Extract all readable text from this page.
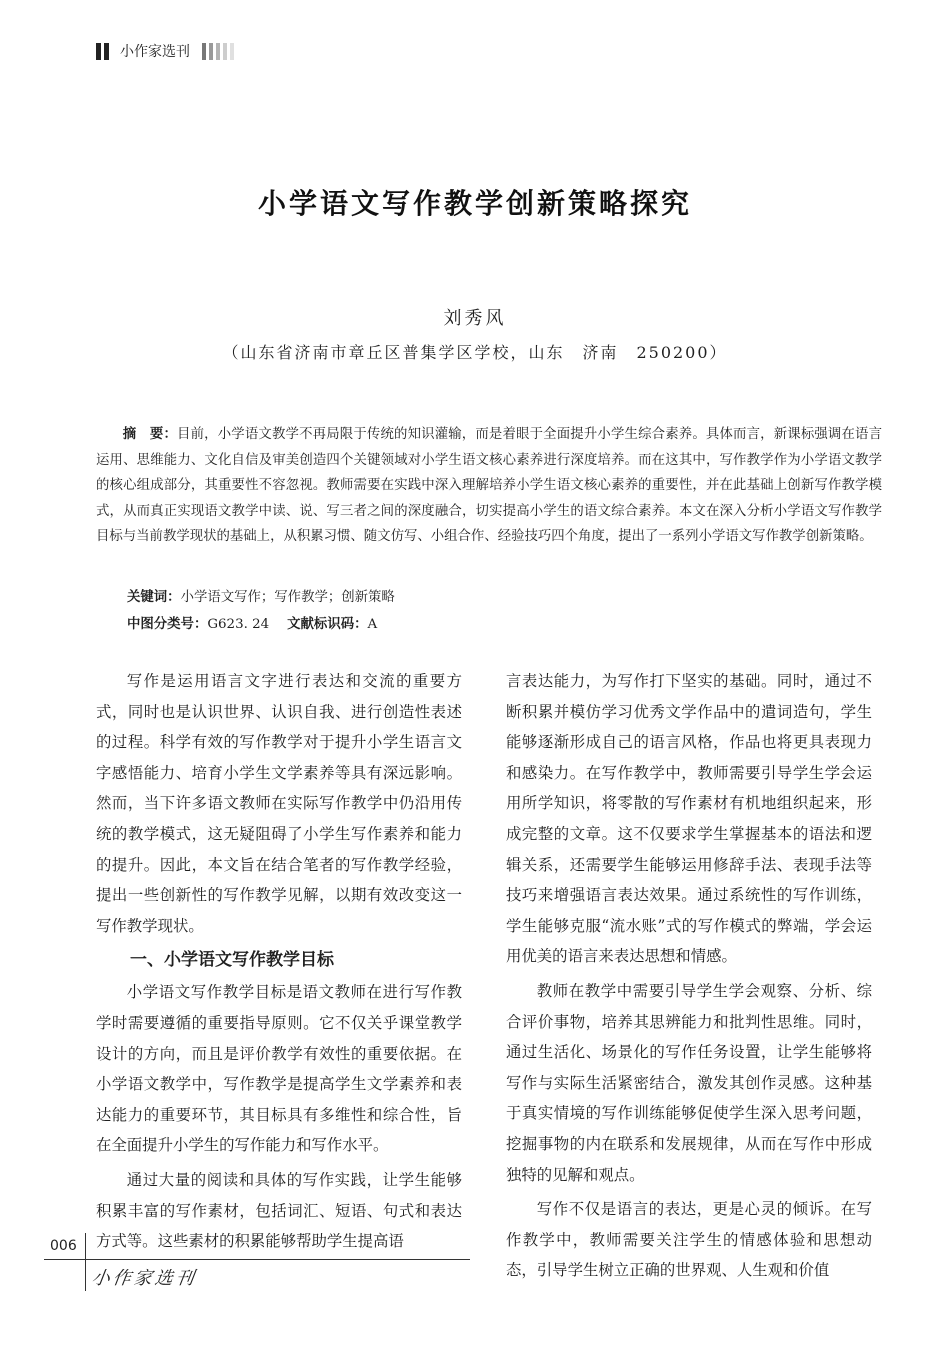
小作家选刊
小学语文写作教学创新策略探究
刘秀风
（山东省济南市章丘区普集学区学校，山东　济南　250200）

摘　要：目前，小学语文教学不再局限于传统的知识灌输，而是着眼于全面提升小学生综合素养。具体而言，新课标强调在语言运用、思维能力、文化自信及审美创造四个关键领域对小学生语文核心素养进行深度培养。而在这其中，写作教学作为小学语文教学的核心组成部分，其重要性不容忽视。教师需要在实践中深入理解培养小学生语文核心素养的重要性，并在此基础上创新写作教学模式，从而真正实现语文教学中读、说、写三者之间的深度融合，切实提高小学生的语文综合素养。本文在深入分析小学语文写作教学目标与当前教学现状的基础上，从积累习惯、随文仿写、小组合作、经验技巧四个角度，提出了一系列小学语文写作教学创新策略。

关键词：小学语文写作；写作教学；创新策略
中图分类号：G623. 24 文献标识码：A

写作是运用语言文字进行表达和交流的重要方式，同时也是认识世界、认识自我、进行创造性表述的过程。科学有效的写作教学对于提升小学生语言文字感悟能力、培育小学生文学素养等具有深远影响。然而，当下许多语文教师在实际写作教学中仍沿用传统的教学模式，这无疑阻碍了小学生写作素养和能力的提升。因此，本文旨在结合笔者的写作教学经验，提出一些创新性的写作教学见解，以期有效改变这一写作教学现状。

一、小学语文写作教学目标

小学语文写作教学目标是语文教师在进行写作教学时需要遵循的重要指导原则。它不仅关乎课堂教学设计的方向，而且是评价教学有效性的重要依据。在小学语文教学中，写作教学是提高学生文学素养和表达能力的重要环节，其目标具有多维性和综合性，旨在全面提升小学生的写作能力和写作水平。

通过大量的阅读和具体的写作实践，让学生能够积累丰富的写作素材，包括词汇、短语、句式和表达方式等。这些素材的积累能够帮助学生提高语

言表达能力，为写作打下坚实的基础。同时，通过不断积累并模仿学习优秀文学作品中的遣词造句，学生能够逐渐形成自己的语言风格，作品也将更具表现力和感染力。在写作教学中，教师需要引导学生学会运用所学知识，将零散的写作素材有机地组织起来，形成完整的文章。这不仅要求学生掌握基本的语法和逻辑关系，还需要学生能够运用修辞手法、表现手法等技巧来增强语言表达效果。通过系统性的写作训练，学生能够克服“流水账”式的写作模式的弊端，学会运用优美的语言来表达思想和情感。

教师在教学中需要引导学生学会观察、分析、综合评价事物，培养其思辨能力和批判性思维。同时，通过生活化、场景化的写作任务设置，让学生能够将写作与实际生活紧密结合，激发其创作灵感。这种基于真实情境的写作训练能够促使学生深入思考问题，挖掘事物的内在联系和发展规律，从而在写作中形成独特的见解和观点。

写作不仅是语言的表达，更是心灵的倾诉。在写作教学中，教师需要关注学生的情感体验和思想动态，引导学生树立正确的世界观、人生观和价值

006
小作家选刊
